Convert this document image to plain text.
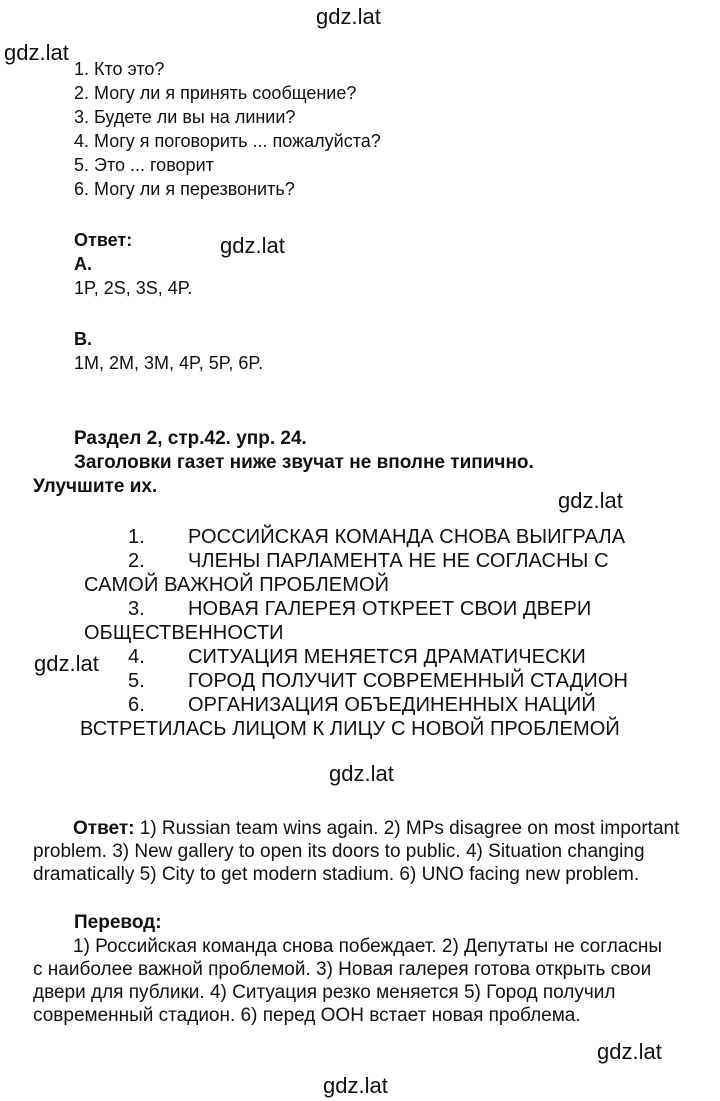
gdz.lat
gdz.lat
gdz.lat
gdz.lat
gdz.lat
gdz.lat
gdz.lat
gdz.lat
1. Кто это?
2. Могу ли я принять сообщение?
3. Будете ли вы на линии?
4. Могу я поговорить ... пожалуйста?
5. Это ... говорит
6. Могу ли я перезвонить?
Ответ:
А.
1P, 2S, 3S, 4P.
В.
1M, 2M, 3M, 4P, 5P, 6P.
Раздел 2, стр.42. упр. 24.
Заголовки газет ниже звучат не вполне типично.
Улучшите их.
1. РОССИЙСКАЯ КОМАНДА СНОВА ВЫИГРАЛА
2. ЧЛЕНЫ ПАРЛАМЕНТА НЕ НЕ СОГЛАСНЫ С
САМОЙ ВАЖНОЙ ПРОБЛЕМОЙ
3. НОВАЯ ГАЛЕРЕЯ ОТКРЕЕТ СВОИ ДВЕРИ
ОБЩЕСТВЕННОСТИ
4. СИТУАЦИЯ МЕНЯЕТСЯ ДРАМАТИЧЕСКИ
5. ГОРОД ПОЛУЧИТ СОВРЕМЕННЫЙ СТАДИОН
6. ОРГАНИЗАЦИЯ ОБЪЕДИНЕННЫХ НАЦИЙ
ВСТРЕТИЛАСЬ ЛИЦОМ К ЛИЦУ С НОВОЙ ПРОБЛЕМОЙ
Ответ: 1) Russian team wins again. 2) MPs disagree on most important problem. 3) New gallery to open its doors to public. 4) Situation changing dramatically 5) City to get modern stadium. 6) UNO facing new problem.
Перевод:
1) Российская команда снова побеждает. 2) Депутаты не согласны с наиболее важной проблемой. 3) Новая галерея готова открыть свои двери для публики. 4) Ситуация резко меняется 5) Город получил современный стадион. 6) перед ООН встает новая проблема.
